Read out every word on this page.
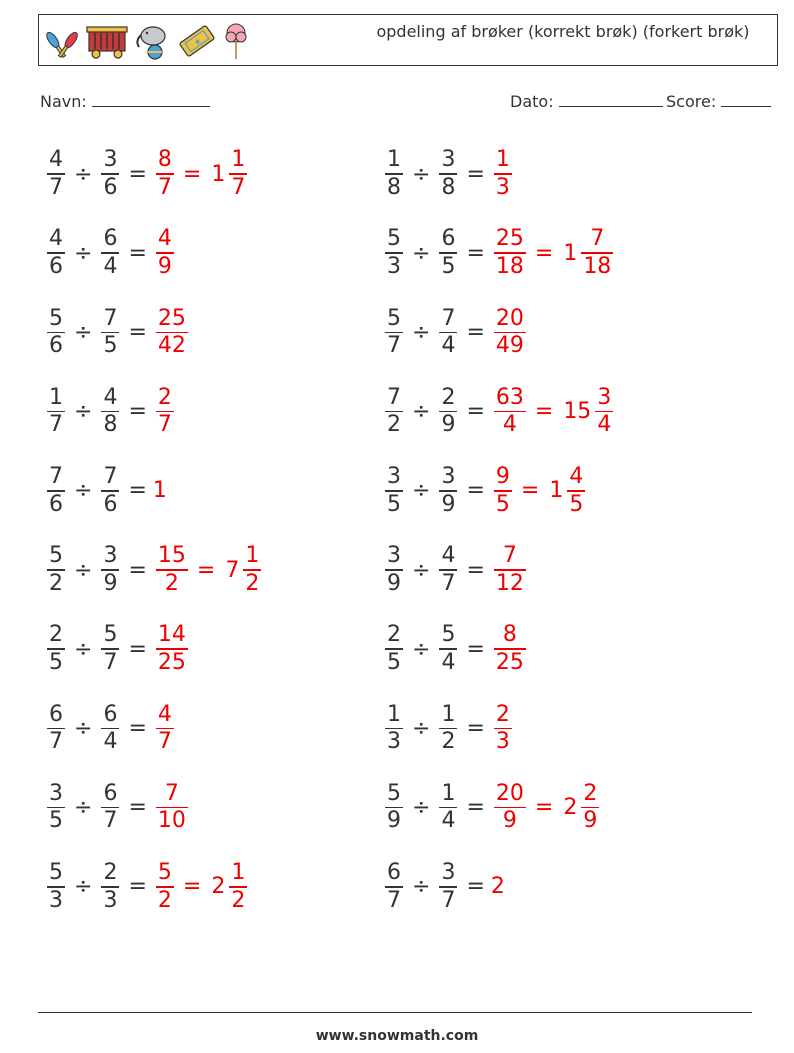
★
opdeling af brøker (korrekt brøk) (forkert brøk)
Navn:	Dato:	Score:
$\frac{4}{7} \div \frac{3}{6} = \frac{8}{7} = 1 \frac{1}{7}$	$\frac{1}{8} \div \frac{3}{8} = \frac{1}{3}$
$\frac{4}{6} \div \frac{6}{4} = \frac{4}{9}$	$\frac{5}{3} \div \frac{6}{5} = \frac{25}{18} = 1 \frac{7}{18}$
$\frac{5}{6} \div \frac{7}{5} = \frac{25}{42}$	$\frac{5}{7} \div \frac{7}{4} = \frac{20}{49}$
$\frac{1}{7} \div \frac{4}{8} = \frac{2}{7}$	$\frac{7}{2} \div \frac{2}{9} = \frac{63}{4} = 15 \frac{3}{4}$
$\frac{7}{6} \div \frac{7}{6} = 1$	$\frac{3}{5} \div \frac{3}{9} = \frac{9}{5} = 1 \frac{4}{5}$
$\frac{5}{2} \div \frac{3}{9} = \frac{15}{2} = 7 \frac{1}{2}$	$\frac{3}{9} \div \frac{4}{7} = \frac{7}{12}$
$\frac{2}{5} \div \frac{5}{7} = \frac{14}{25}$	$\frac{2}{5} \div \frac{5}{4} = \frac{8}{25}$
$\frac{6}{7} \div \frac{6}{4} = \frac{4}{7}$	$\frac{1}{3} \div \frac{1}{2} = \frac{2}{3}$
$\frac{3}{5} \div \frac{6}{7} = \frac{7}{10}$	$\frac{5}{9} \div \frac{1}{4} = \frac{20}{9} = 2 \frac{2}{9}$
$\frac{5}{3} \div \frac{2}{3} = \frac{5}{2} = 2 \frac{1}{2}$	$\frac{6}{7} \div \frac{3}{7} = 2$
www.snowmath.com
